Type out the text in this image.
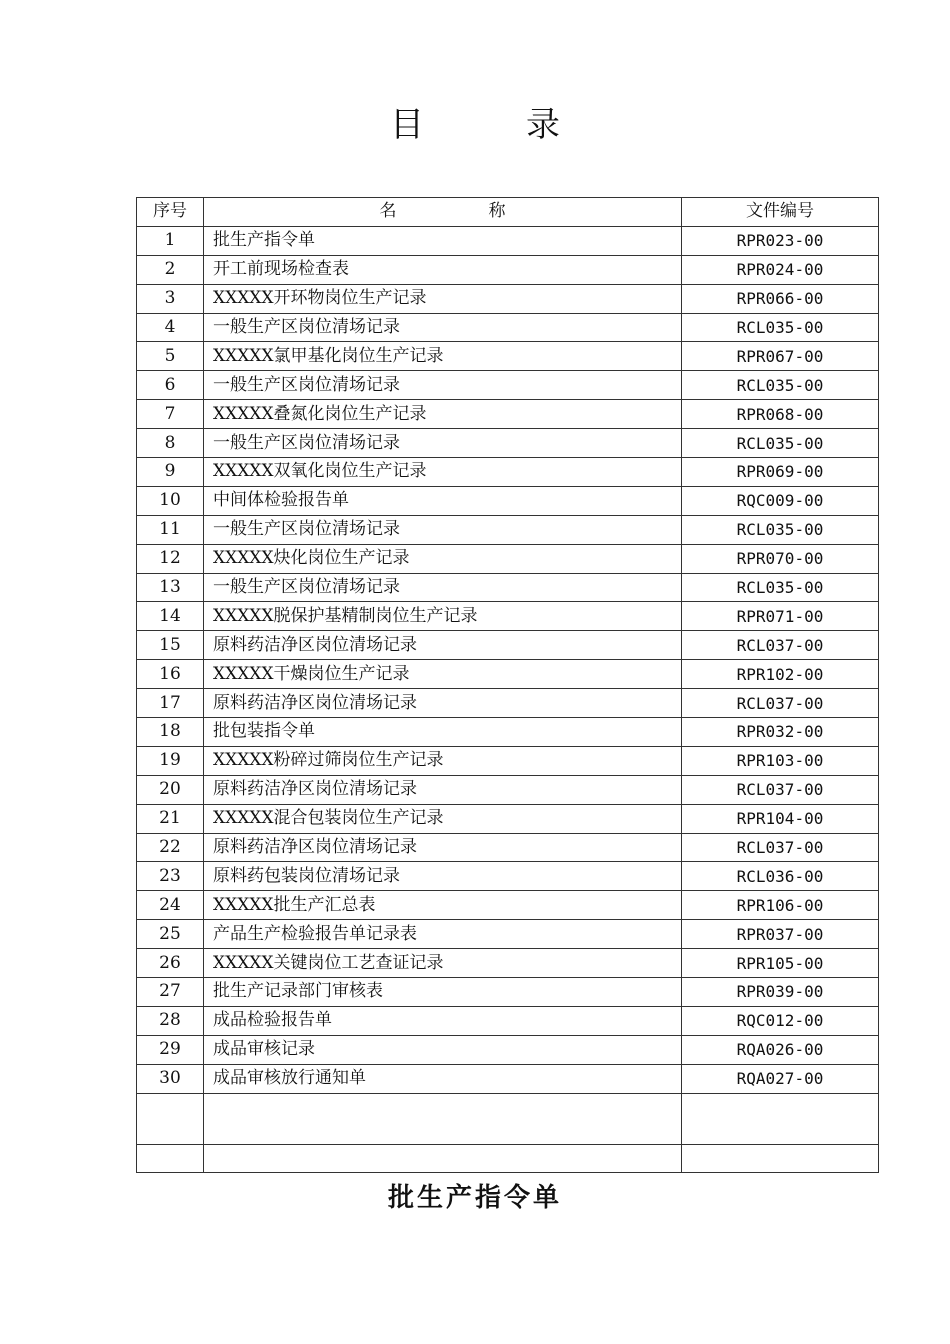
目　录
序号	名 称	文件编号
1	批生产指令单	RPR023-00
2	开工前现场检查表	RPR024-00
3	XXXXX开环物岗位生产记录	RPR066-00
4	一般生产区岗位清场记录	RCL035-00
5	XXXXX氯甲基化岗位生产记录	RPR067-00
6	一般生产区岗位清场记录	RCL035-00
7	XXXXX叠氮化岗位生产记录	RPR068-00
8	一般生产区岗位清场记录	RCL035-00
9	XXXXX双氧化岗位生产记录	RPR069-00
10	中间体检验报告单	RQC009-00
11	一般生产区岗位清场记录	RCL035-00
12	XXXXX炔化岗位生产记录	RPR070-00
13	一般生产区岗位清场记录	RCL035-00
14	XXXXX脱保护基精制岗位生产记录	RPR071-00
15	原料药洁净区岗位清场记录	RCL037-00
16	XXXXX干燥岗位生产记录	RPR102-00
17	原料药洁净区岗位清场记录	RCL037-00
18	批包装指令单	RPR032-00
19	XXXXX粉碎过筛岗位生产记录	RPR103-00
20	原料药洁净区岗位清场记录	RCL037-00
21	XXXXX混合包装岗位生产记录	RPR104-00
22	原料药洁净区岗位清场记录	RCL037-00
23	原料药包装岗位清场记录	RCL036-00
24	XXXXX批生产汇总表	RPR106-00
25	产品生产检验报告单记录表	RPR037-00
26	XXXXX关键岗位工艺查证记录	RPR105-00
27	批生产记录部门审核表	RPR039-00
28	成品检验报告单	RQC012-00
29	成品审核记录	RQA026-00
30	成品审核放行通知单	RQA027-00

批生产指令单
